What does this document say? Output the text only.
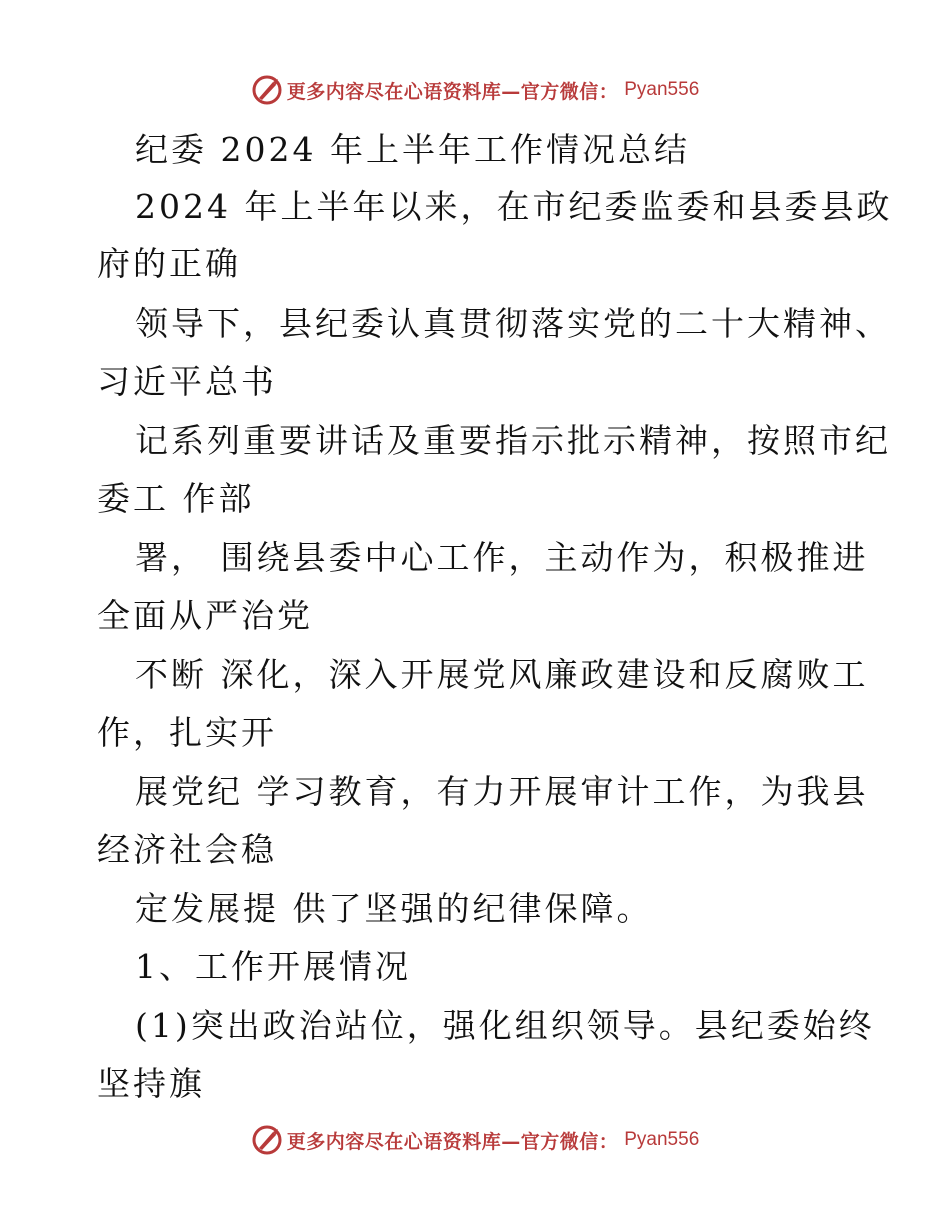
更多内容尽在心语资料库—官方微信： Pyan556
纪委 2024 年上半年工作情况总结
2024 年上半年以来，在市纪委监委和县委县政
府的正确
领导下，县纪委认真贯彻落实党的二十大精神、
习近平总书
记系列重要讲话及重要指示批示精神，按照市纪
委工 作部
署， 围绕县委中心工作，主动作为，积极推进
全面从严治党
不断 深化，深入开展党风廉政建设和反腐败工
作，扎实开
展党纪 学习教育，有力开展审计工作，为我县
经济社会稳
定发展提 供了坚强的纪律保障。
1、工作开展情况
(1)突出政治站位，强化组织领导。县纪委始终
坚持旗
更多内容尽在心语资料库—官方微信： Pyan556
